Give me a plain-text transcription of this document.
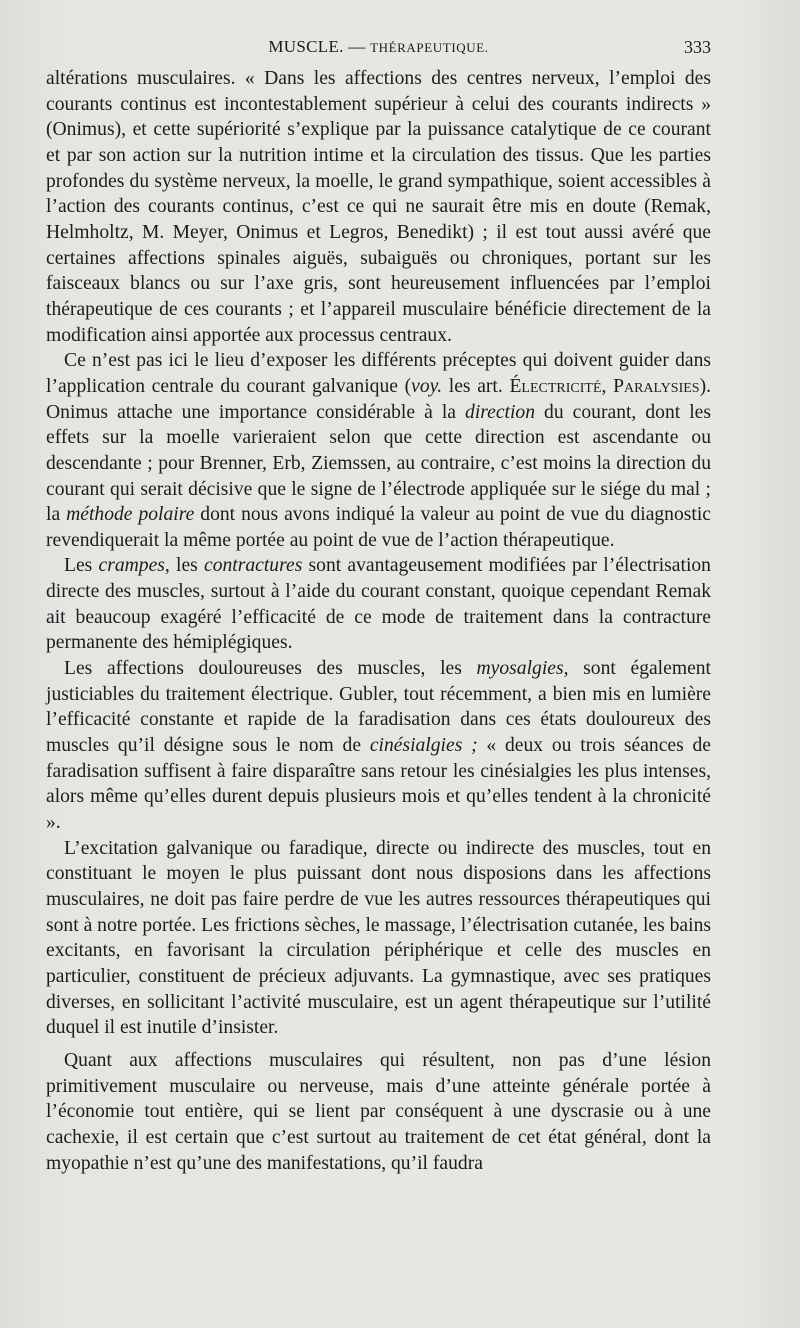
MUSCLE. — THÉRAPEUTIQUE.	333

altérations musculaires. « Dans les affections des centres nerveux, l’emploi des courants continus est incontestablement supérieur à celui des courants indirects » (Onimus), et cette supériorité s’explique par la puissance catalytique de ce courant et par son action sur la nutrition intime et la circulation des tissus. Que les parties profondes du système nerveux, la moelle, le grand sympathique, soient accessibles à l’action des courants continus, c’est ce qui ne saurait être mis en doute (Remak, Helmholtz, M. Meyer, Onimus et Legros, Benedikt) ; il est tout aussi avéré que certaines affections spinales aiguës, subaiguës ou chroniques, portant sur les faisceaux blancs ou sur l’axe gris, sont heureusement influencées par l’emploi thérapeutique de ces courants ; et l’appareil musculaire bénéficie directement de la modification ainsi apportée aux processus centraux.

Ce n’est pas ici le lieu d’exposer les différents préceptes qui doivent guider dans l’application centrale du courant galvanique (voy. les art. Électricité, Paralysies). Onimus attache une importance considérable à la direction du courant, dont les effets sur la moelle varieraient selon que cette direction est ascendante ou descendante ; pour Brenner, Erb, Ziemssen, au contraire, c’est moins la direction du courant qui serait décisive que le signe de l’électrode appliquée sur le siége du mal ; la méthode polaire dont nous avons indiqué la valeur au point de vue du diagnostic revendiquerait la même portée au point de vue de l’action thérapeutique.

Les crampes, les contractures sont avantageusement modifiées par l’électrisation directe des muscles, surtout à l’aide du courant constant, quoique cependant Remak ait beaucoup exagéré l’efficacité de ce mode de traitement dans la contracture permanente des hémiplégiques.

Les affections douloureuses des muscles, les myosalgies, sont également justiciables du traitement électrique. Gubler, tout récemment, a bien mis en lumière l’efficacité constante et rapide de la faradisation dans ces états douloureux des muscles qu’il désigne sous le nom de cinésialgies ; « deux ou trois séances de faradisation suffisent à faire disparaître sans retour les cinésialgies les plus intenses, alors même qu’elles durent depuis plusieurs mois et qu’elles tendent à la chronicité ».

L’excitation galvanique ou faradique, directe ou indirecte des muscles, tout en constituant le moyen le plus puissant dont nous disposions dans les affections musculaires, ne doit pas faire perdre de vue les autres ressources thérapeutiques qui sont à notre portée. Les frictions sèches, le massage, l’électrisation cutanée, les bains excitants, en favorisant la circulation périphérique et celle des muscles en particulier, constituent de précieux adjuvants. La gymnastique, avec ses pratiques diverses, en sollicitant l’activité musculaire, est un agent thérapeutique sur l’utilité duquel il est inutile d’insister.

Quant aux affections musculaires qui résultent, non pas d’une lésion primitivement musculaire ou nerveuse, mais d’une atteinte générale portée à l’économie tout entière, qui se lient par conséquent à une dyscrasie ou à une cachexie, il est certain que c’est surtout au traitement de cet état général, dont la myopathie n’est qu’une des manifestations, qu’il faudra
